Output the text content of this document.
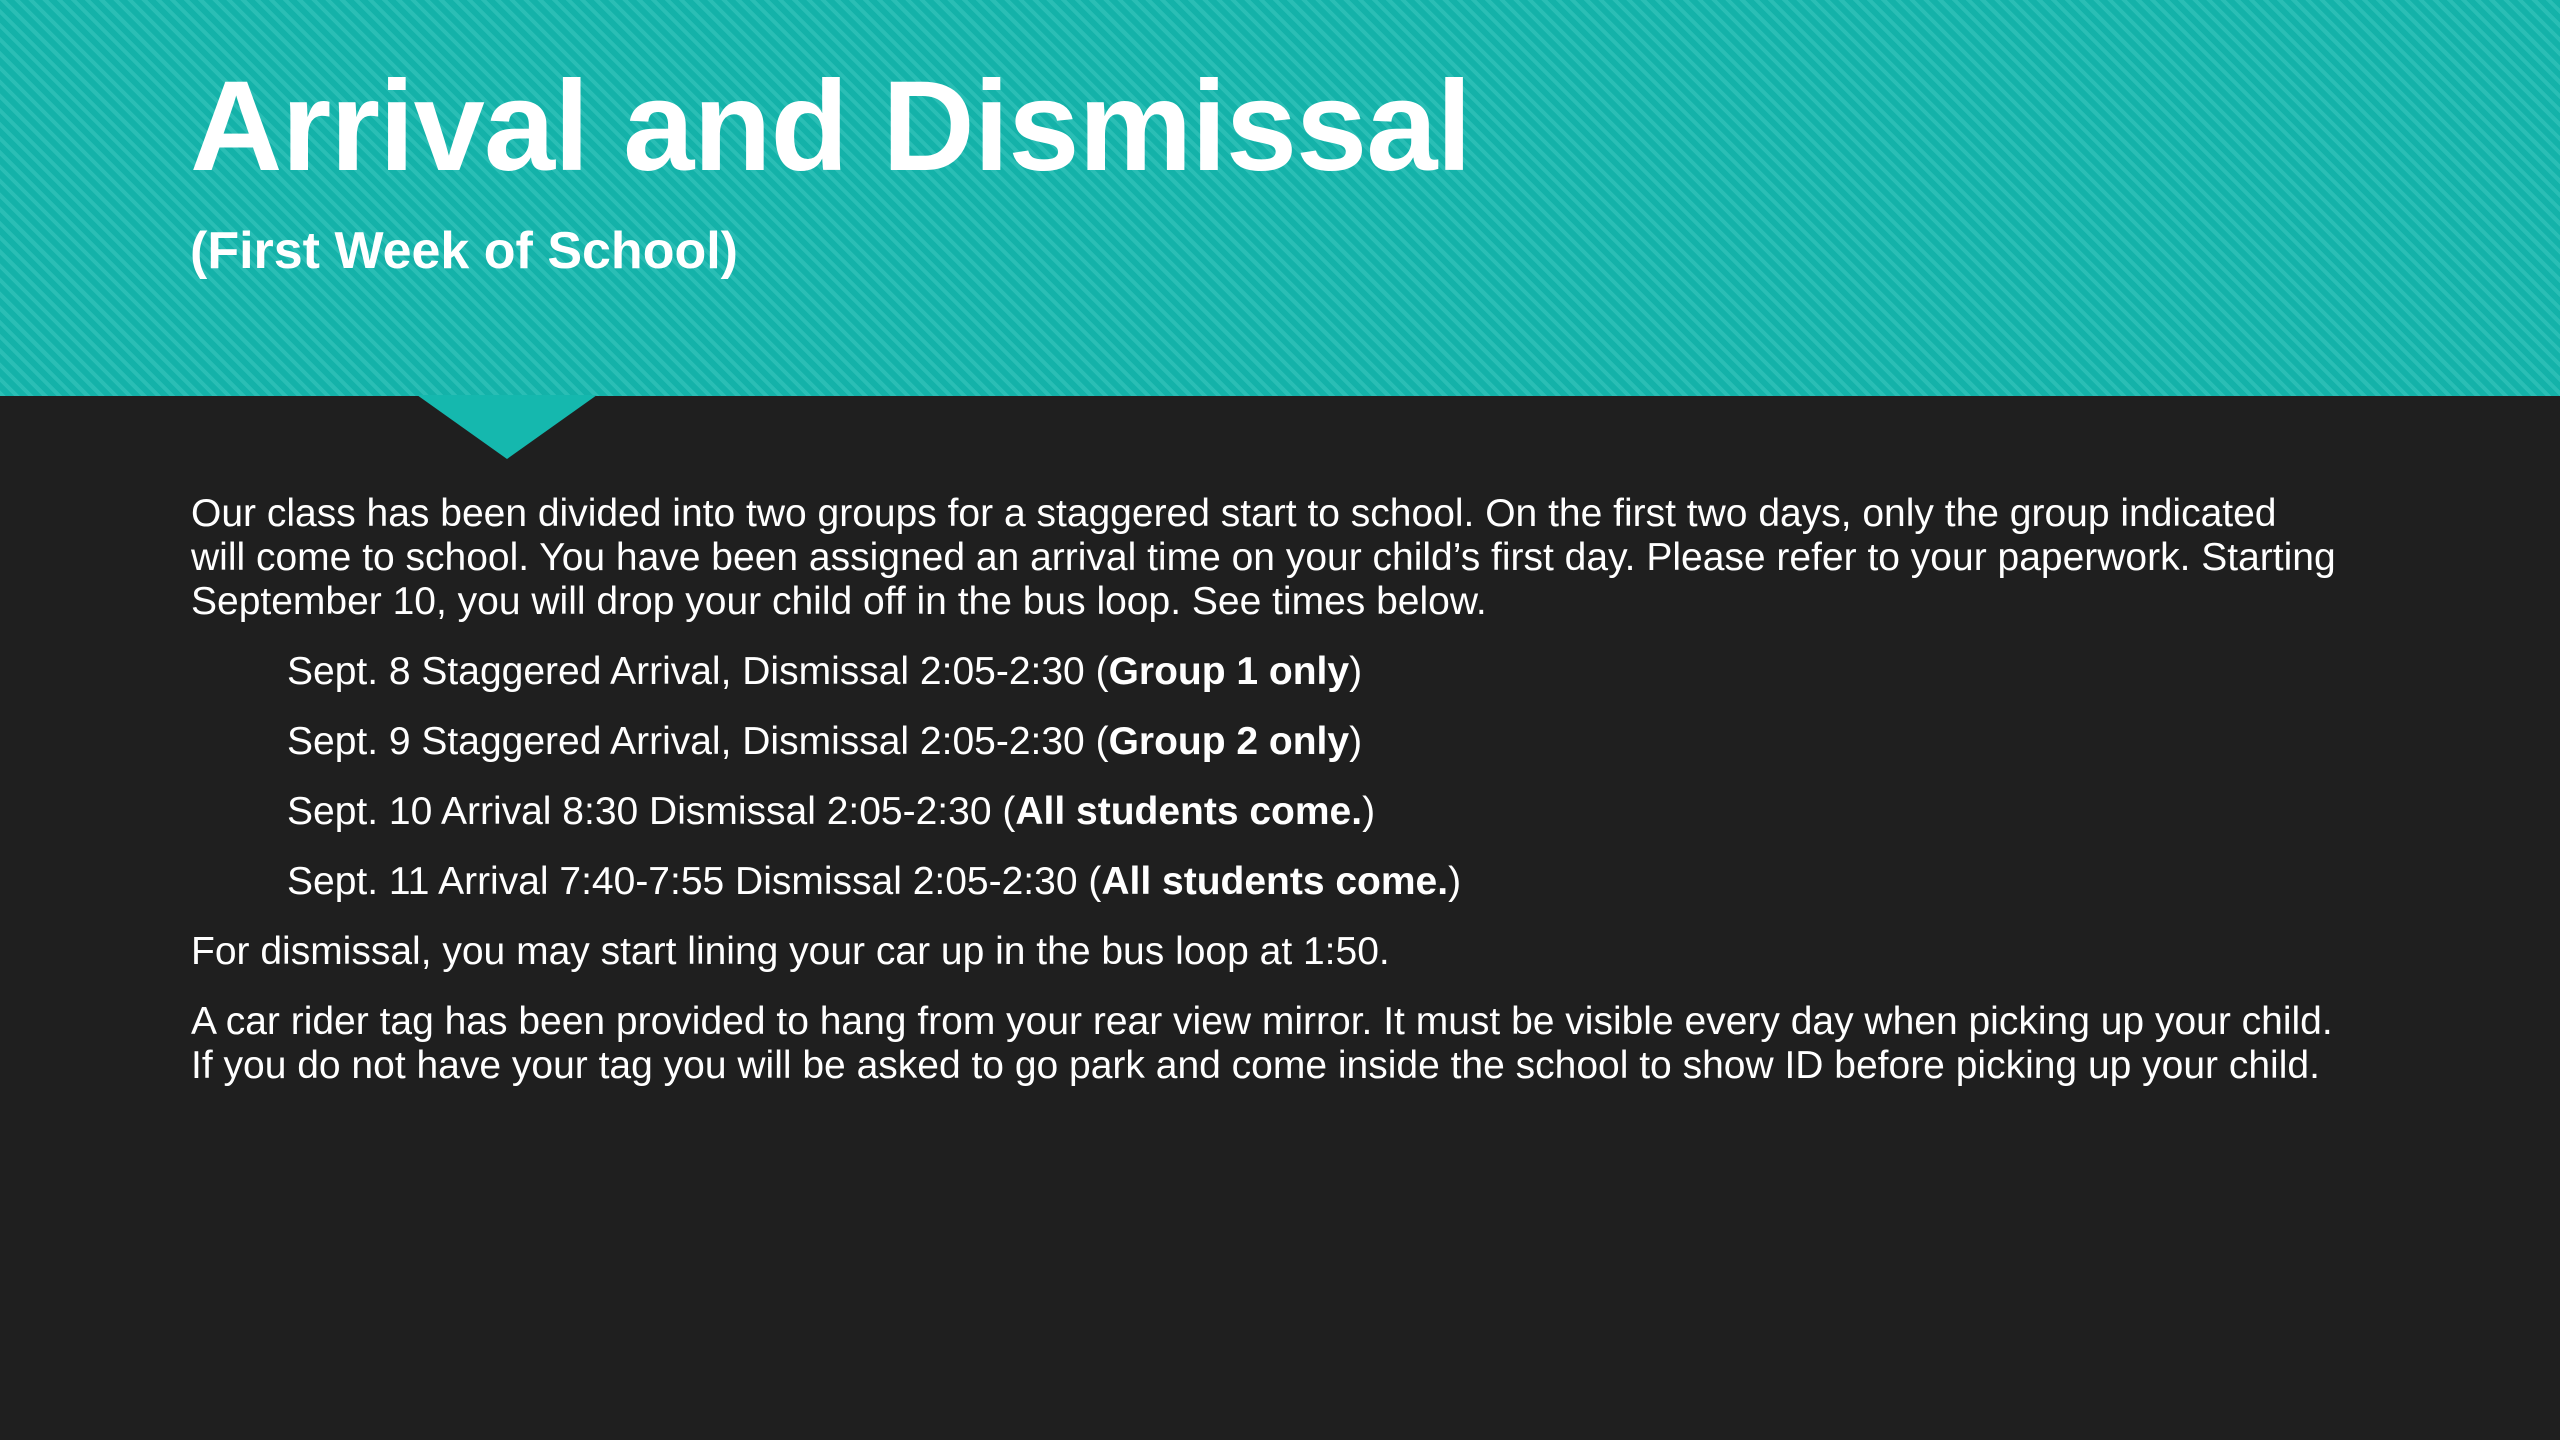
Arrival and Dismissal
(First Week of School)

Our class has been divided into two groups for a staggered start to school. On the first two days, only the group indicated will come to school. You have been assigned an arrival time on your child’s first day. Please refer to your paperwork. Starting September 10, you will drop your child off in the bus loop. See times below.

Sept. 8 Staggered Arrival, Dismissal 2:05-2:30 (Group 1 only)

Sept. 9 Staggered Arrival, Dismissal 2:05-2:30 (Group 2 only)

Sept. 10 Arrival 8:30 Dismissal 2:05-2:30 (All students come.)

Sept. 11 Arrival 7:40-7:55 Dismissal 2:05-2:30 (All students come.)

For dismissal, you may start lining your car up in the bus loop at 1:50.

A car rider tag has been provided to hang from your rear view mirror. It must be visible every day when picking up your child. If you do not have your tag you will be asked to go park and come inside the school to show ID before picking up your child.
